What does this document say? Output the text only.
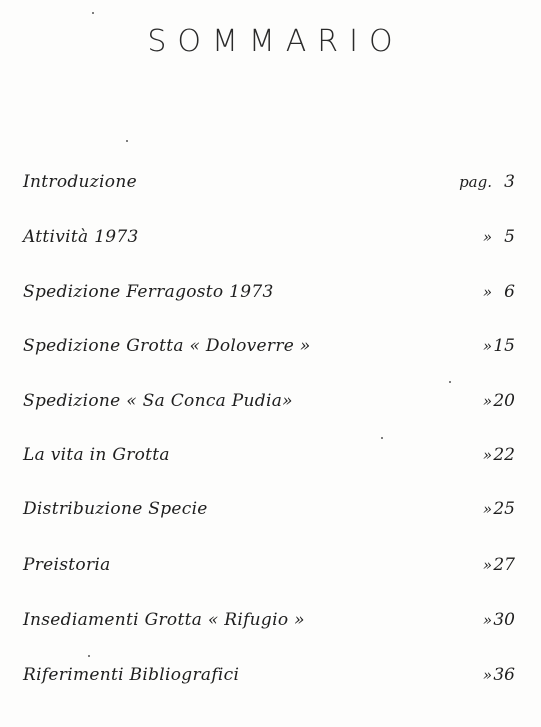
SOMMARIO
Introduzione	pag. 3
Attività 1973	» 5
Spedizione Ferragosto 1973	» 6
Spedizione Grotta « Doloverre »	» 15
Spedizione « Sa Conca Pudia»	» 20
La vita in Grotta	» 22
Distribuzione Specie	» 25
Preistoria	» 27
Insediamenti Grotta « Rifugio »	» 30
Riferimenti Bibliografici	» 36
